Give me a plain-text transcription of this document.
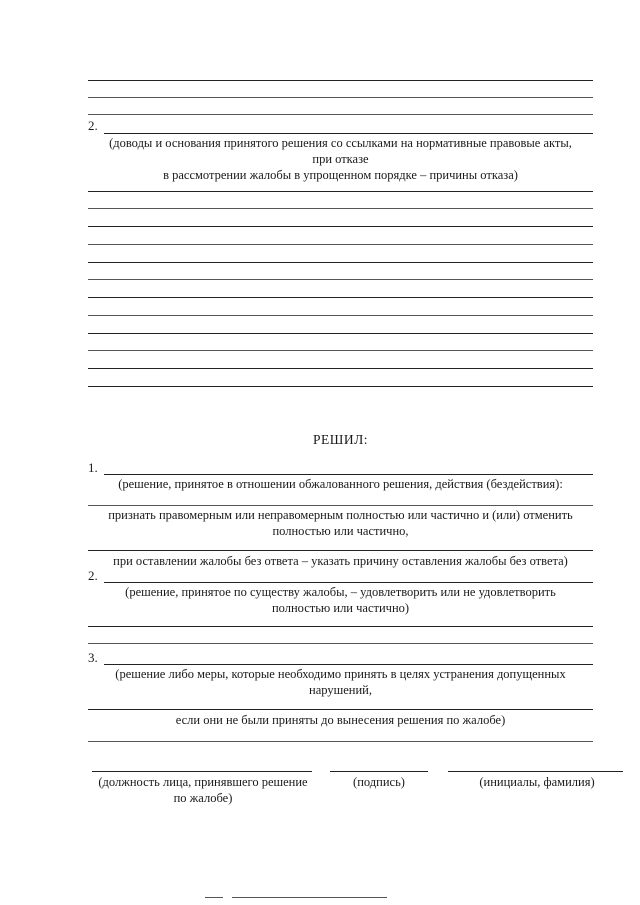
2.
(доводы и основания принятого решения со ссылками на нормативные правовые акты,
при отказе
в рассмотрении жалобы в упрощенном порядке – причины отказа)
РЕШИЛ:
1.
(решение, принятое в отношении обжалованного решения, действия (бездействия):
признать правомерным или неправомерным полностью или частично и (или) отменить
полностью или частично,
при оставлении жалобы без ответа – указать причину оставления жалобы без ответа)
2.
(решение, принятое по существу жалобы, – удовлетворить или не удовлетворить
полностью или частично)
3.
(решение либо меры, которые необходимо принять в целях устранения допущенных
нарушений,
если они не были приняты до вынесения решения по жалобе)
(должность лица, принявшего решение
по жалобе)
(подпись)	(инициалы, фамилия)
